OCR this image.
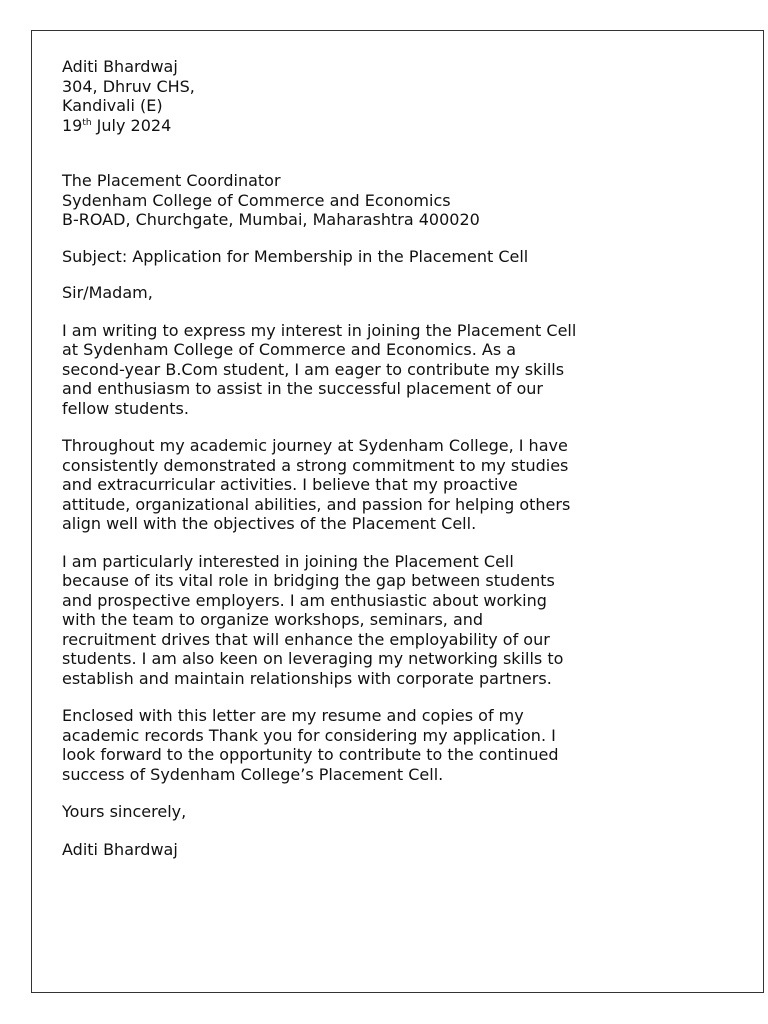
Aditi Bhardwaj
304, Dhruv CHS,
Kandivali (E)
19th July 2024
The Placement Coordinator
Sydenham College of Commerce and Economics
B-ROAD, Churchgate, Mumbai, Maharashtra 400020
Subject: Application for Membership in the Placement Cell
Sir/Madam,
I am writing to express my interest in joining the Placement Cell
at Sydenham College of Commerce and Economics. As a
second-year B.Com student, I am eager to contribute my skills
and enthusiasm to assist in the successful placement of our
fellow students.
Throughout my academic journey at Sydenham College, I have
consistently demonstrated a strong commitment to my studies
and extracurricular activities. I believe that my proactive
attitude, organizational abilities, and passion for helping others
align well with the objectives of the Placement Cell.
I am particularly interested in joining the Placement Cell
because of its vital role in bridging the gap between students
and prospective employers. I am enthusiastic about working
with the team to organize workshops, seminars, and
recruitment drives that will enhance the employability of our
students. I am also keen on leveraging my networking skills to
establish and maintain relationships with corporate partners.
Enclosed with this letter are my resume and copies of my
academic records Thank you for considering my application. I
look forward to the opportunity to contribute to the continued
success of Sydenham College’s Placement Cell.
Yours sincerely,
Aditi Bhardwaj
